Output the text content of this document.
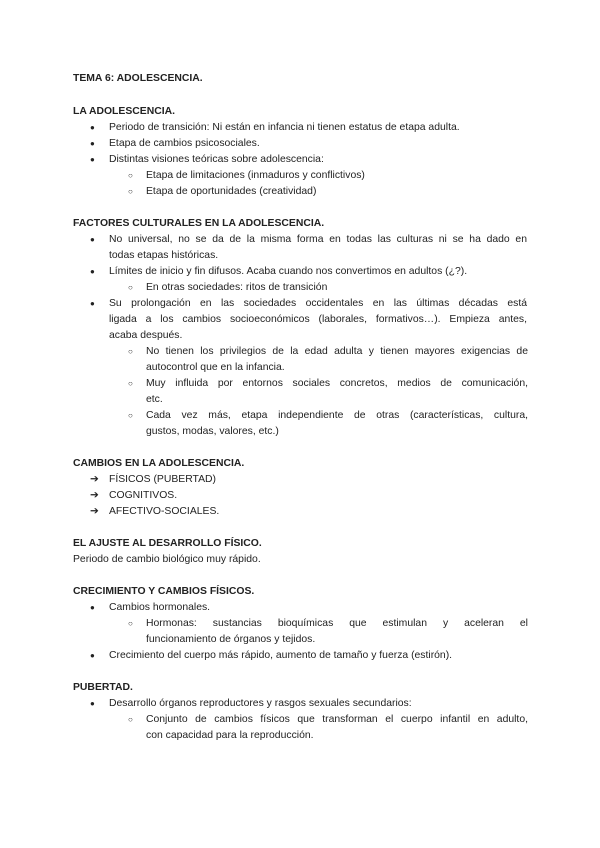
TEMA 6: ADOLESCENCIA.
LA ADOLESCENCIA.
● Periodo de transición: Ni están en infancia ni tienen estatus de etapa adulta.
● Etapa de cambios psicosociales.
● Distintas visiones teóricas sobre adolescencia:
○ Etapa de limitaciones (inmaduros y conflictivos)
○ Etapa de oportunidades (creatividad)
FACTORES CULTURALES EN LA ADOLESCENCIA.
● No universal, no se da de la misma forma en todas las culturas ni se ha dado en
todas etapas históricas.
● Límites de inicio y fin difusos. Acaba cuando nos convertimos en adultos (¿?).
○ En otras sociedades: ritos de transición
● Su prolongación en las sociedades occidentales en las últimas décadas está
ligada a los cambios socioeconómicos (laborales, formativos…). Empieza antes,
acaba después.
○ No tienen los privilegios de la edad adulta y tienen mayores exigencias de
autocontrol que en la infancia.
○ Muy influida por entornos sociales concretos, medios de comunicación,
etc.
○ Cada vez más, etapa independiente de otras (características, cultura,
gustos, modas, valores, etc.)
CAMBIOS EN LA ADOLESCENCIA.
➔ FÍSICOS (PUBERTAD)
➔ COGNITIVOS.
➔ AFECTIVO-SOCIALES.
EL AJUSTE AL DESARROLLO FÍSICO.
Periodo de cambio biológico muy rápido.
CRECIMIENTO Y CAMBIOS FÍSICOS.
● Cambios hormonales.
○ Hormonas: sustancias bioquímicas que estimulan y aceleran el
funcionamiento de órganos y tejidos.
● Crecimiento del cuerpo más rápido, aumento de tamaño y fuerza (estirón).
PUBERTAD.
● Desarrollo órganos reproductores y rasgos sexuales secundarios:
○ Conjunto de cambios físicos que transforman el cuerpo infantil en adulto,
con capacidad para la reproducción.
